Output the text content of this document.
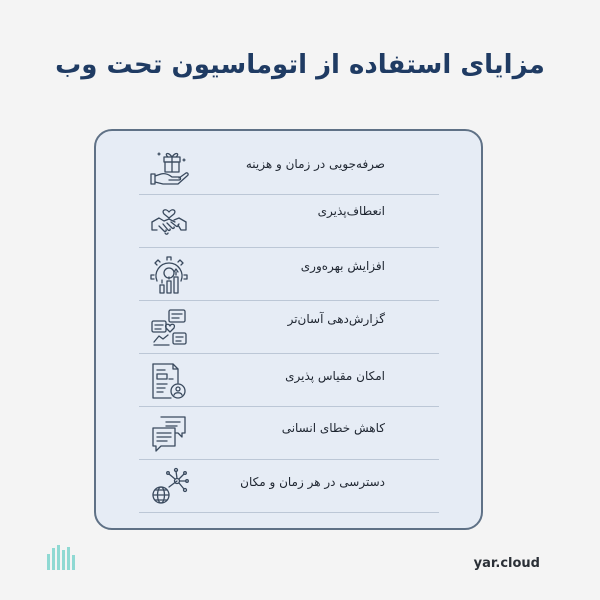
مزایای استفاده از اتوماسیون تحت وب
صرفه‌جویی در زمان و هزینه
انعطاف‌پذیری
افزایش بهره‌وری
گزارش‌دهی آسان‌تر
امکان مقیاس پذیری
کاهش خطای انسانی
دسترسی در هر زمان و مکان
yar.cloud
